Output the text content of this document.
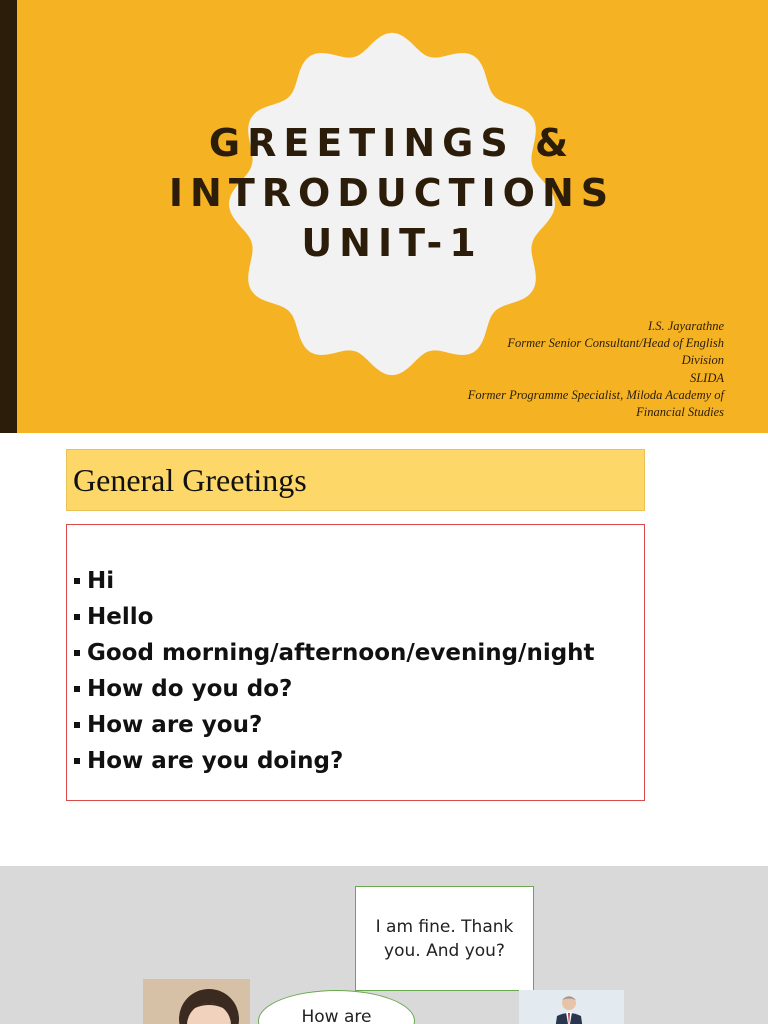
GREETINGS &
INTRODUCTIONS
UNIT-1
I.S. Jayarathne
Former Senior Consultant/Head of English
Division
SLIDA
Former Programme Specialist, Miloda Academy of
Financial Studies
General Greetings
Hi
Hello
Good morning/afternoon/evening/night
How do you do?
How are you?
How are you doing?
I am fine. Thank
you. And you?
How are
